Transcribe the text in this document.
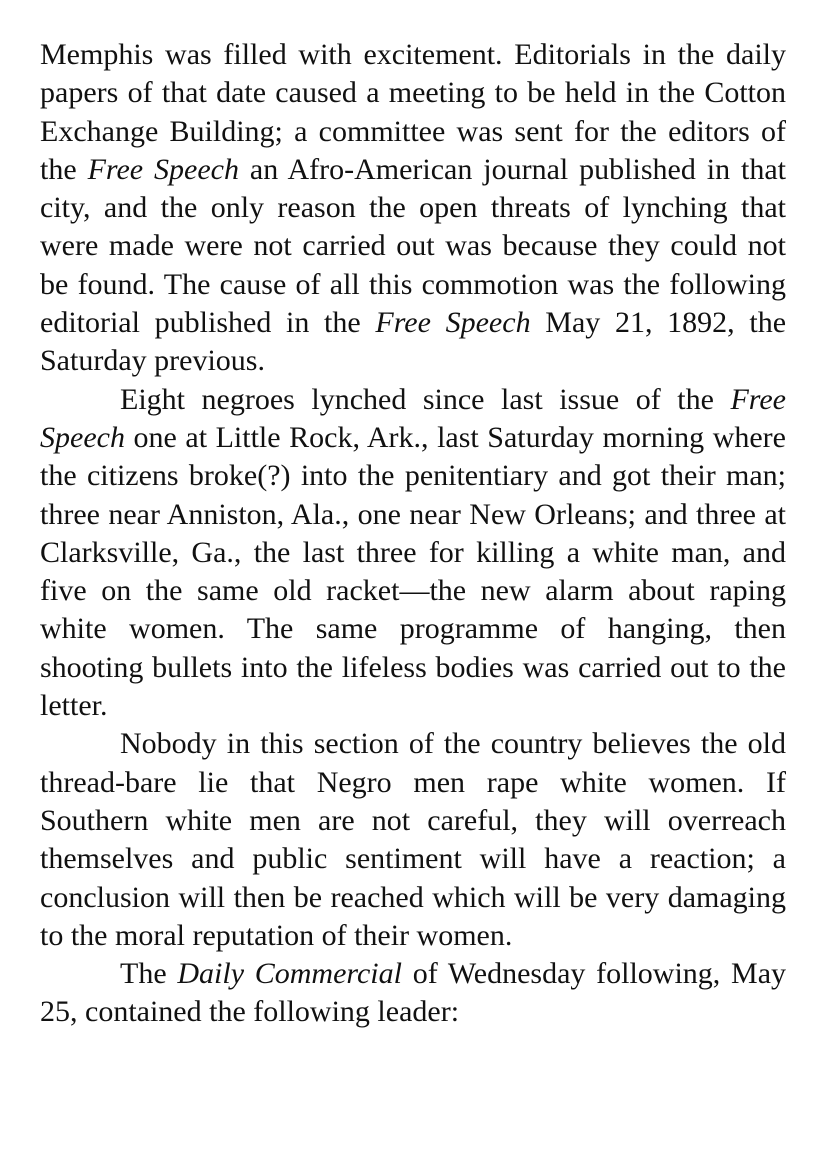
Memphis was filled with excitement. Editorials in the daily papers of that date caused a meeting to be held in the Cotton Exchange Building; a committee was sent for the editors of the Free Speech an Afro-American journal published in that city, and the only reason the open threats of lynching that were made were not carried out was because they could not be found. The cause of all this commotion was the following editorial published in the Free Speech May 21, 1892, the Saturday previous.

Eight negroes lynched since last issue of the Free Speech one at Little Rock, Ark., last Saturday morning where the citizens broke(?) into the penitentiary and got their man; three near Anniston, Ala., one near New Orleans; and three at Clarksville, Ga., the last three for killing a white man, and five on the same old racket—the new alarm about raping white women. The same programme of hanging, then shooting bullets into the lifeless bodies was carried out to the letter.

Nobody in this section of the country believes the old thread-bare lie that Negro men rape white women. If Southern white men are not careful, they will overreach themselves and public sentiment will have a reaction; a conclusion will then be reached which will be very damaging to the moral reputation of their women.

The Daily Commercial of Wednesday following, May 25, contained the following leader:
